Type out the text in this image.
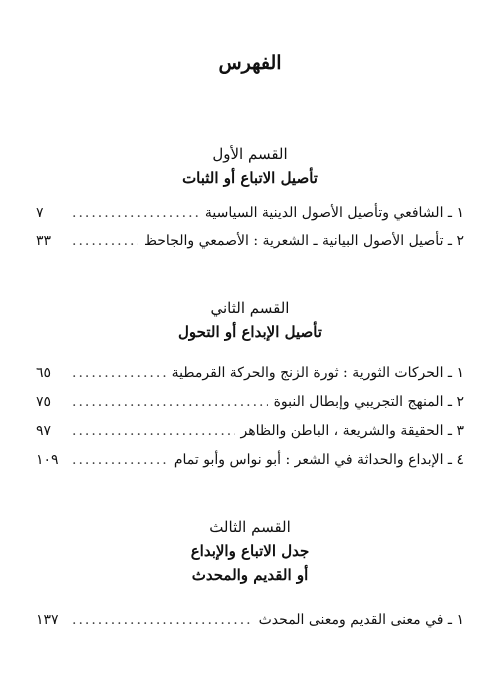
الفهرس
القسم الأول
تأصيل الاتباع أو الثبات
١ ـ الشافعي وتأصيل الأصول الدينية السياسية
.....
٧
٢ ـ تأصيل الأصول البيانية ـ الشعرية : الأصمعي والجاحظ
.....
٣٣
القسم الثاني
تأصيل الإبداع أو التحول
١ ـ الحركات الثورية : ثورة الزنج والحركة القرمطية
.....
٦٥
٢ ـ المنهج التجريبي وإبطال النبوة
.....
٧٥
٣ ـ الحقيقة والشريعة ، الباطن والظاهر
.....
٩٧
٤ ـ الإبداع والحداثة في الشعر : أبو نواس وأبو تمام
.....
١٠٩
القسم الثالث
جدل الاتباع والإبداع
أو القديم والمحدث
١ ـ في معنى القديم ومعنى المحدث
.....
١٣٧
